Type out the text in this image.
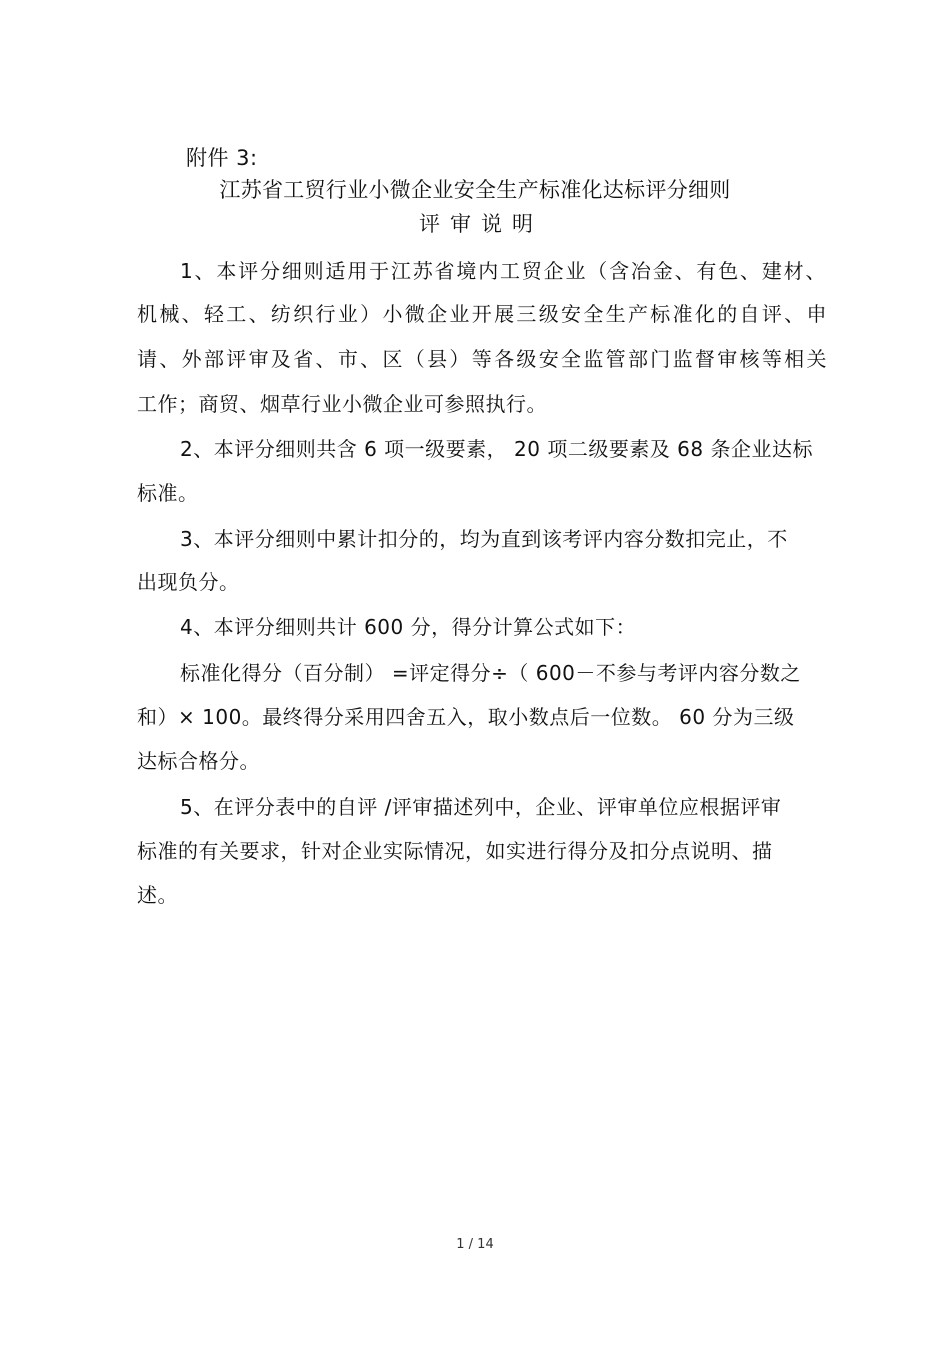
附件 3:
江苏省工贸行业小微企业安全生产标准化达标评分细则
评审说明
1、本评分细则适用于江苏省境内工贸企业（含冶金、有色、建材、
机械、轻工、纺织行业）小微企业开展三级安全生产标准化的自评、申
请、外部评审及省、市、区（县）等各级安全监管部门监督审核等相关
工作；商贸、烟草行业小微企业可参照执行。
2、本评分细则共含 6 项一级要素， 20 项二级要素及 68 条企业达标
标准。
3、本评分细则中累计扣分的，均为直到该考评内容分数扣完止，不
出现负分。
4、本评分细则共计 600 分，得分计算公式如下：
标准化得分（百分制） =评定得分÷（ 600－不参与考评内容分数之
和）× 100。最终得分采用四舍五入，取小数点后一位数。 60 分为三级
达标合格分。
5、在评分表中的自评 /评审描述列中，企业、评审单位应根据评审
标准的有关要求，针对企业实际情况，如实进行得分及扣分点说明、描
述。
1 / 14
